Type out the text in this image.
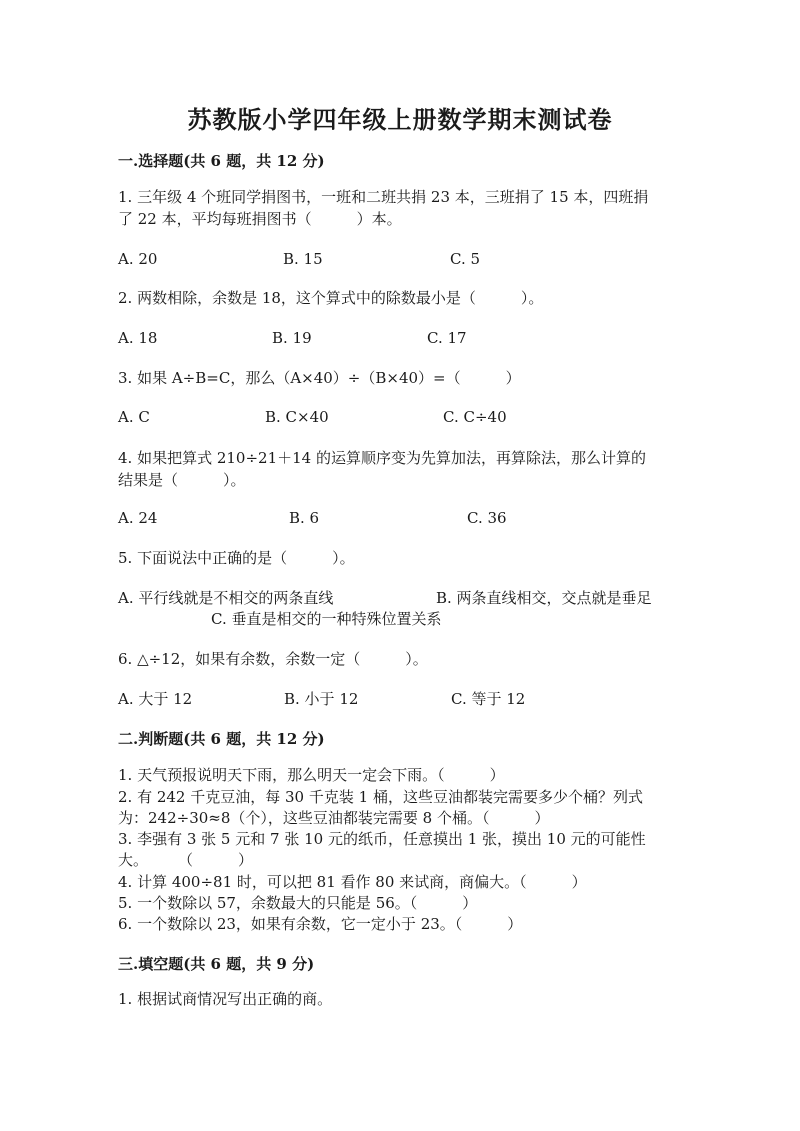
苏教版小学四年级上册数学期末测试卷
一.选择题(共 6 题，共 12 分)
1. 三年级 4 个班同学捐图书，一班和二班共捐 23 本，三班捐了 15 本，四班捐
了 22 本，平均每班捐图书（　　　）本。
A. 20	B. 15	C. 5
2. 两数相除，余数是 18，这个算式中的除数最小是（　　　）。
A. 18	B. 19	C. 17
3. 如果 A÷B=C，那么（A×40）÷（B×40）=（　　　）
A. C	B. C×40	C. C÷40
4. 如果把算式 210÷21＋14 的运算顺序变为先算加法，再算除法，那么计算的
结果是（　　　）。
A. 24	B. 6	C. 36
5. 下面说法中正确的是（　　　）。
A. 平行线就是不相交的两条直线	B. 两条直线相交，交点就是垂足
C. 垂直是相交的一种特殊位置关系
6. △÷12，如果有余数，余数一定（　　　）。
A. 大于 12	B. 小于 12	C. 等于 12
二.判断题(共 6 题，共 12 分)
1. 天气预报说明天下雨，那么明天一定会下雨。（　　　）
2. 有 242 千克豆油，每 30 千克装 1 桶，这些豆油都装完需要多少个桶？列式
为：242÷30≈8（个），这些豆油都装完需要 8 个桶。（　　　）
3. 李强有 3 张 5 元和 7 张 10 元的纸币，任意摸出 1 张，摸出 10 元的可能性
大。　　　（　　　）
4. 计算 400÷81 时，可以把 81 看作 80 来试商，商偏大。（　　　）
5. 一个数除以 57，余数最大的只能是 56。（　　　）
6. 一个数除以 23，如果有余数，它一定小于 23。（　　　）
三.填空题(共 6 题，共 9 分)
1. 根据试商情况写出正确的商。
